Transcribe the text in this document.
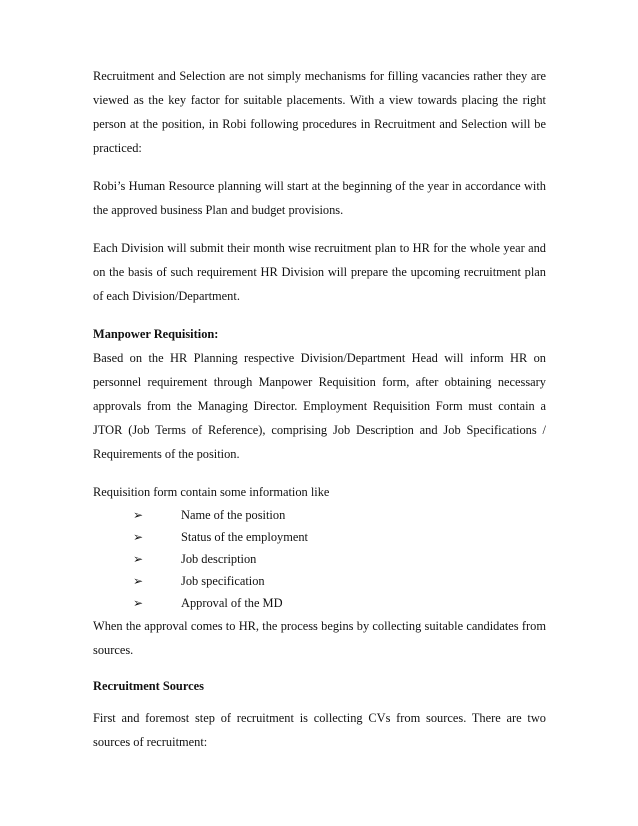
Recruitment and Selection are not simply mechanisms for filling vacancies rather they are viewed as the key factor for suitable placements. With a view towards placing the right person at the position, in Robi following procedures in Recruitment and Selection will be practiced:

Robi’s Human Resource planning will start at the beginning of the year in accordance with the approved business Plan and budget provisions.

Each Division will submit their month wise recruitment plan to HR for the whole year and on the basis of such requirement HR Division will prepare the upcoming recruitment plan of each Division/Department.

Manpower Requisition:

Based on the HR Planning respective Division/Department Head will inform HR on personnel requirement through Manpower Requisition form, after obtaining necessary approvals from the Managing Director. Employment Requisition Form must contain a JTOR (Job Terms of Reference), comprising Job Description and Job Specifications / Requirements of the position.

Requisition form contain some information like

➢	Name of the position
➢	Status of the employment
➢	Job description
➢	Job specification
➢	Approval of the MD

When the approval comes to HR, the process begins by collecting suitable candidates from sources.

Recruitment Sources

First and foremost step of recruitment is collecting CVs from sources. There are two sources of recruitment:
